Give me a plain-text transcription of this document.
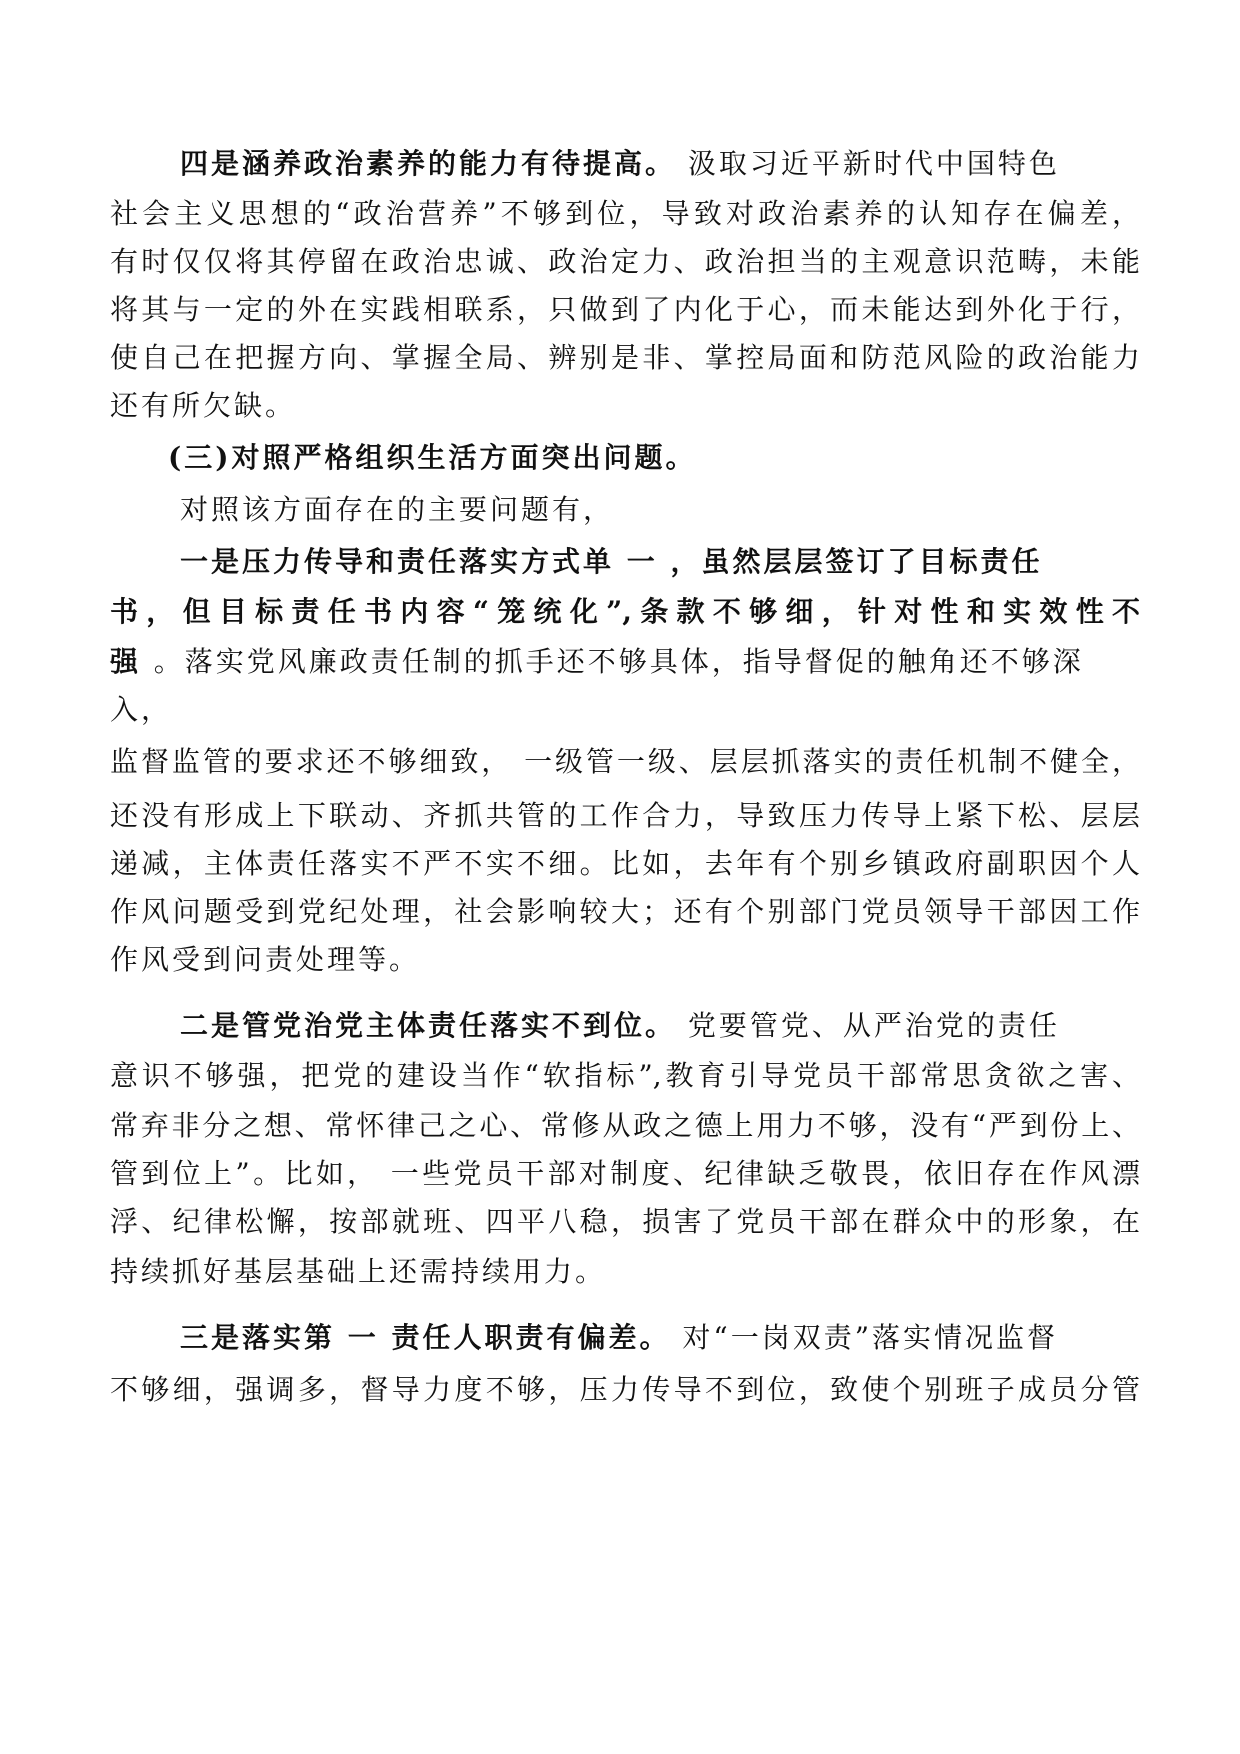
四是涵养政治素养的能力有待提高。 汲取习近平新时代中国特色

社会主义思想的“政治营养”不够到位，导致对政治素养的认知存在偏差，

有时仅仅将其停留在政治忠诚、政治定力、政治担当的主观意识范畴，未能

将其与一定的外在实践相联系，只做到了内化于心，而未能达到外化于行，

使自己在把握方向、掌握全局、辨别是非、掌控局面和防范风险的政治能力

还有所欠缺。

(三)对照严格组织生活方面突出问题。

对照该方面存在的主要问题有，

一是压力传导和责任落实方式单 一 ，虽然层层签订了目标责任

书，但目标责任书内容“笼统化”,条款不够细，针对性和实效性不

强 。落实党风廉政责任制的抓手还不够具体，指导督促的触角还不够深

入，

监督监管的要求还不够细致， 一级管一级、层层抓落实的责任机制不健全，

还没有形成上下联动、齐抓共管的工作合力，导致压力传导上紧下松、层层

递减，主体责任落实不严不实不细。比如，去年有个别乡镇政府副职因个人

作风问题受到党纪处理，社会影响较大；还有个别部门党员领导干部因工作

作风受到问责处理等。

二是管党治党主体责任落实不到位。 党要管党、从严治党的责任

意识不够强，把党的建设当作“软指标”,教育引导党员干部常思贪欲之害、

常弃非分之想、常怀律己之心、常修从政之德上用力不够，没有“严到份上、

管到位上”。比如， 一些党员干部对制度、纪律缺乏敬畏，依旧存在作风漂

浮、纪律松懈，按部就班、四平八稳，损害了党员干部在群众中的形象，在

持续抓好基层基础上还需持续用力。

三是落实第 一 责任人职责有偏差。 对“一岗双责”落实情况监督

不够细，强调多，督导力度不够，压力传导不到位，致使个别班子成员分管
